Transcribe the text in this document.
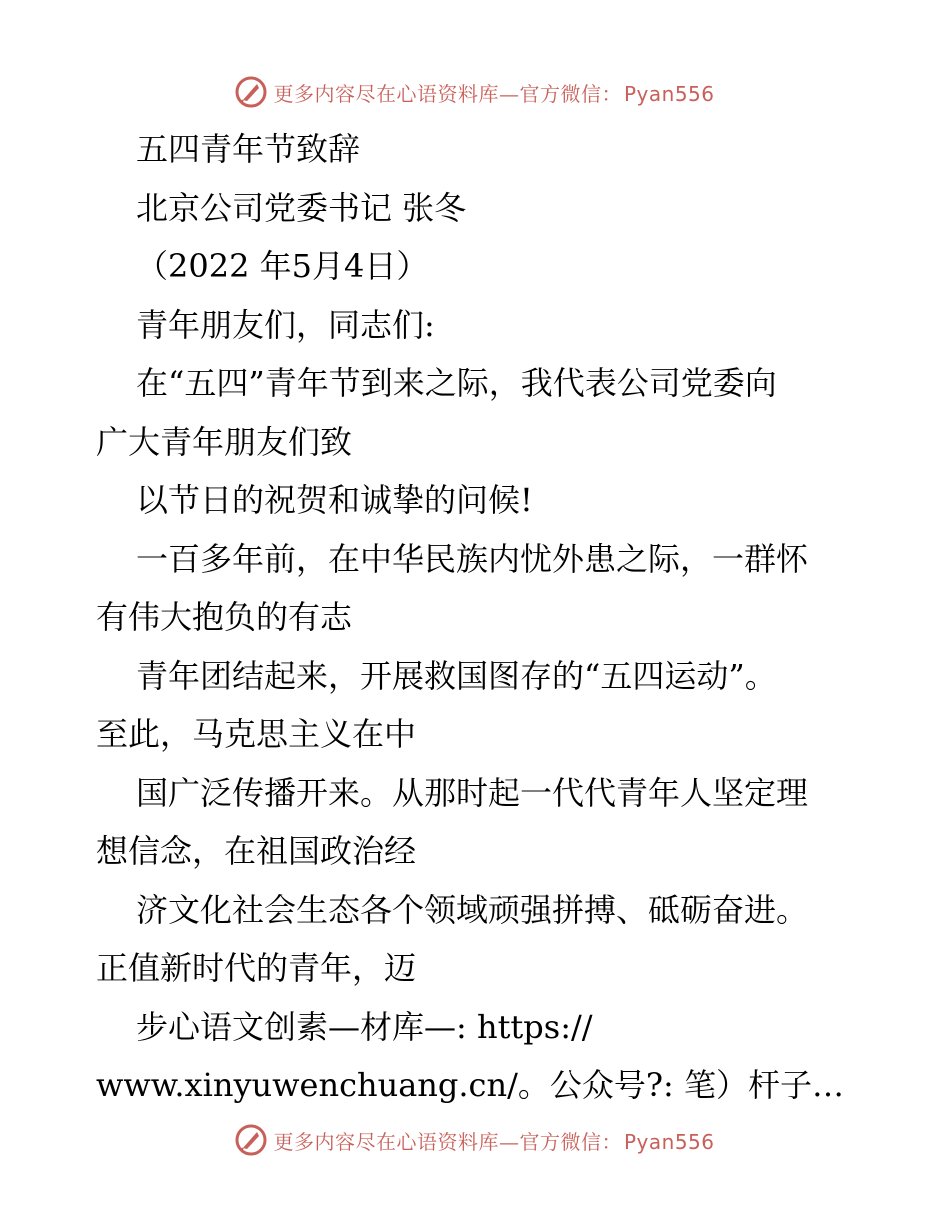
更多内容尽在心语资料库—官方微信： Pyan556
五四青年节致辞
北京公司党委书记 张冬
（2022 年5月4日）
青年朋友们，同志们:
在“五四”青年节到来之际，我代表公司党委向
广大青年朋友们致
以节日的祝贺和诚挚的问候!
一百多年前，在中华民族内忧外患之际，一群怀
有伟大抱负的有志
青年团结起来，开展救国图存的“五四运动”。
至此，马克思主义在中
国广泛传播开来。从那时起一代代青年人坚定理
想信念，在祖国政治经
济文化社会生态各个领域顽强拼搏、砥砺奋进。
正值新时代的青年，迈
步心语文创素—材库—: https://
www.xinyuwenchuang.cn/。公众号?: 笔）杆子…
更多内容尽在心语资料库—官方微信： Pyan556
